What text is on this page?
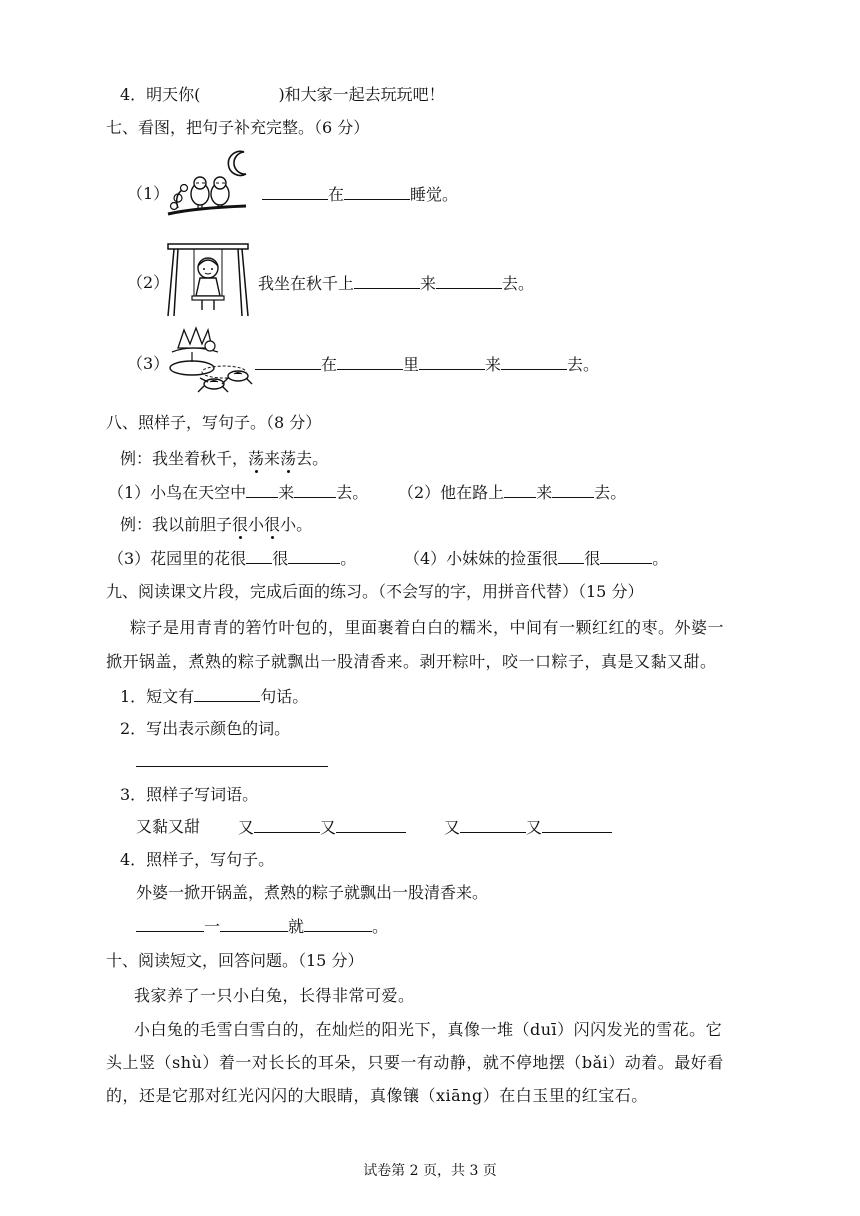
4．明天你(	)和大家一起去玩玩吧！
七、看图，把句子补充完整。（6 分）
（1）	在	睡觉。
（2）	我坐在秋千上	来	去。
（3）	在	里	来	去。
八、照样子，写句子。（8 分）
例：我坐着秋千，荡来荡去。
（1）小鸟在天空中 来	去。 （2）他在路上 来	去。
例：我以前胆子很小很小。
（3）花园里的花很 很	。	（4）小妹妹的捡蛋很 很	。
九、阅读课文片段，完成后面的练习。（不会写的字，用拼音代替）（15 分）
粽子是用青青的箬竹叶包的，里面裹着白白的糯米，中间有一颗红红的枣。外婆一
掀开锅盖，煮熟的粽子就飘出一股清香来。剥开粽叶，咬一口粽子，真是又黏又甜。
1．短文有	句话。
2．写出表示颜色的词。
3．照样子写词语。
又黏又甜 又	又	又	又
4．照样子，写句子。
外婆一掀开锅盖，煮熟的粽子就飘出一股清香来。
一	就	。
十、阅读短文，回答问题。（15 分）
我家养了一只小白兔，长得非常可爱。
小白兔的毛雪白雪白的，在灿烂的阳光下，真像一堆（duī）闪闪发光的雪花。它
头上竖（shù）着一对长长的耳朵，只要一有动静，就不停地摆（bǎi）动着。最好看
的，还是它那对红光闪闪的大眼睛，真像镶（xiāng）在白玉里的红宝石。
试卷第 2 页，共 3 页
